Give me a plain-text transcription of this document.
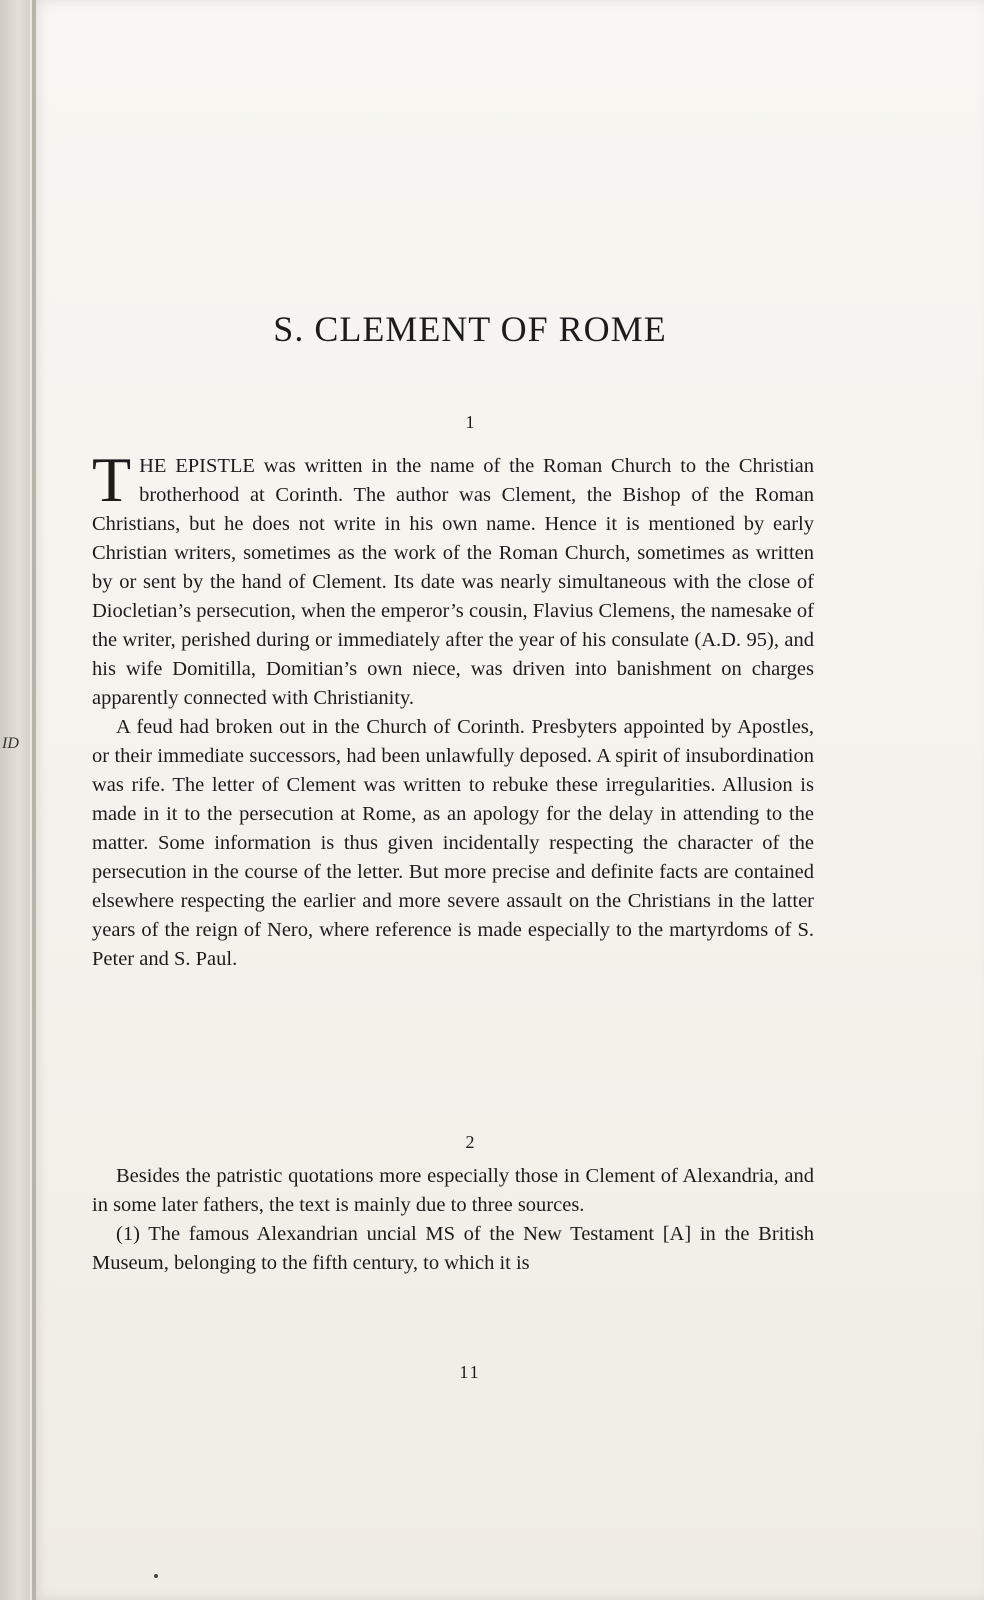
ID
S. CLEMENT OF ROME
1

THE EPISTLE was written in the name of the Roman Church to the Christian brotherhood at Corinth. The author was Clement, the Bishop of the Roman Christians, but he does not write in his own name. Hence it is mentioned by early Christian writers, sometimes as the work of the Roman Church, sometimes as written by or sent by the hand of Clement. Its date was nearly simultaneous with the close of Diocletian’s persecution, when the emperor’s cousin, Flavius Clemens, the namesake of the writer, perished during or immediately after the year of his consulate (A.D. 95), and his wife Domitilla, Domitian’s own niece, was driven into banishment on charges apparently connected with Christianity.

A feud had broken out in the Church of Corinth. Presbyters appointed by Apostles, or their immediate successors, had been unlawfully deposed. A spirit of insubordination was rife. The letter of Clement was written to rebuke these irregularities. Allusion is made in it to the persecution at Rome, as an apology for the delay in attending to the matter. Some information is thus given incidentally respecting the character of the persecution in the course of the letter. But more precise and definite facts are contained elsewhere respecting the earlier and more severe assault on the Christians in the latter years of the reign of Nero, where reference is made especially to the martyrdoms of S. Peter and S. Paul.

2

Besides the patristic quotations more especially those in Clement of Alexandria, and in some later fathers, the text is mainly due to three sources.

(1) The famous Alexandrian uncial MS of the New Testament [A] in the British Museum, belonging to the fifth century, to which it is

11
